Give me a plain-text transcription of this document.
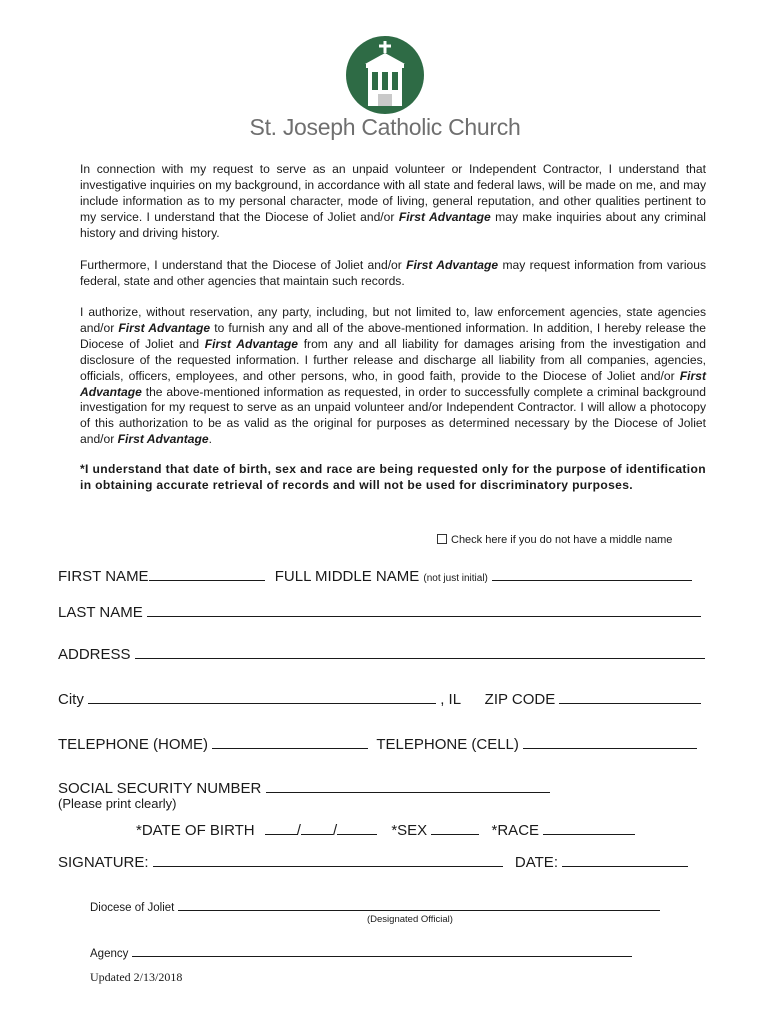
St. Joseph Catholic Church

In connection with my request to serve as an unpaid volunteer or Independent Contractor, I understand that investigative inquiries on my background, in accordance with all state and federal laws, will be made on me, and may include information as to my personal character, mode of living, general reputation, and other qualities pertinent to my service. I understand that the Diocese of Joliet and/or First Advantage may make inquiries about any criminal history and driving history.

Furthermore, I understand that the Diocese of Joliet and/or First Advantage may request information from various federal, state and other agencies that maintain such records.

I authorize, without reservation, any party, including, but not limited to, law enforcement agencies, state agencies and/or First Advantage to furnish any and all of the above-mentioned information. In addition, I hereby release the Diocese of Joliet and First Advantage from any and all liability for damages arising from the investigation and disclosure of the requested information. I further release and discharge all liability from all companies, agencies, officials, officers, employees, and other persons, who, in good faith, provide to the Diocese of Joliet and/or First Advantage the above-mentioned information as requested, in order to successfully complete a criminal background investigation for my request to serve as an unpaid volunteer and/or Independent Contractor. I will allow a photocopy of this authorization to be as valid as the original for purposes as determined necessary by the Diocese of Joliet and/or First Advantage.

*I understand that date of birth, sex and race are being requested only for the purpose of identification in obtaining accurate retrieval of records and will not be used for discriminatory purposes.

Check here if you do not have a middle name
FIRST NAME	FULL MIDDLE NAME (not just initial)
LAST NAME
ADDRESS
City	, IL ZIP CODE
TELEPHONE (HOME)	TELEPHONE (CELL)
SOCIAL SECURITY NUMBER
(Please print clearly)
*DATE OF BIRTH	/ /	*SEX	*RACE
SIGNATURE:	DATE:
Diocese of Joliet
(Designated Official)
Agency
Updated 2/13/2018
